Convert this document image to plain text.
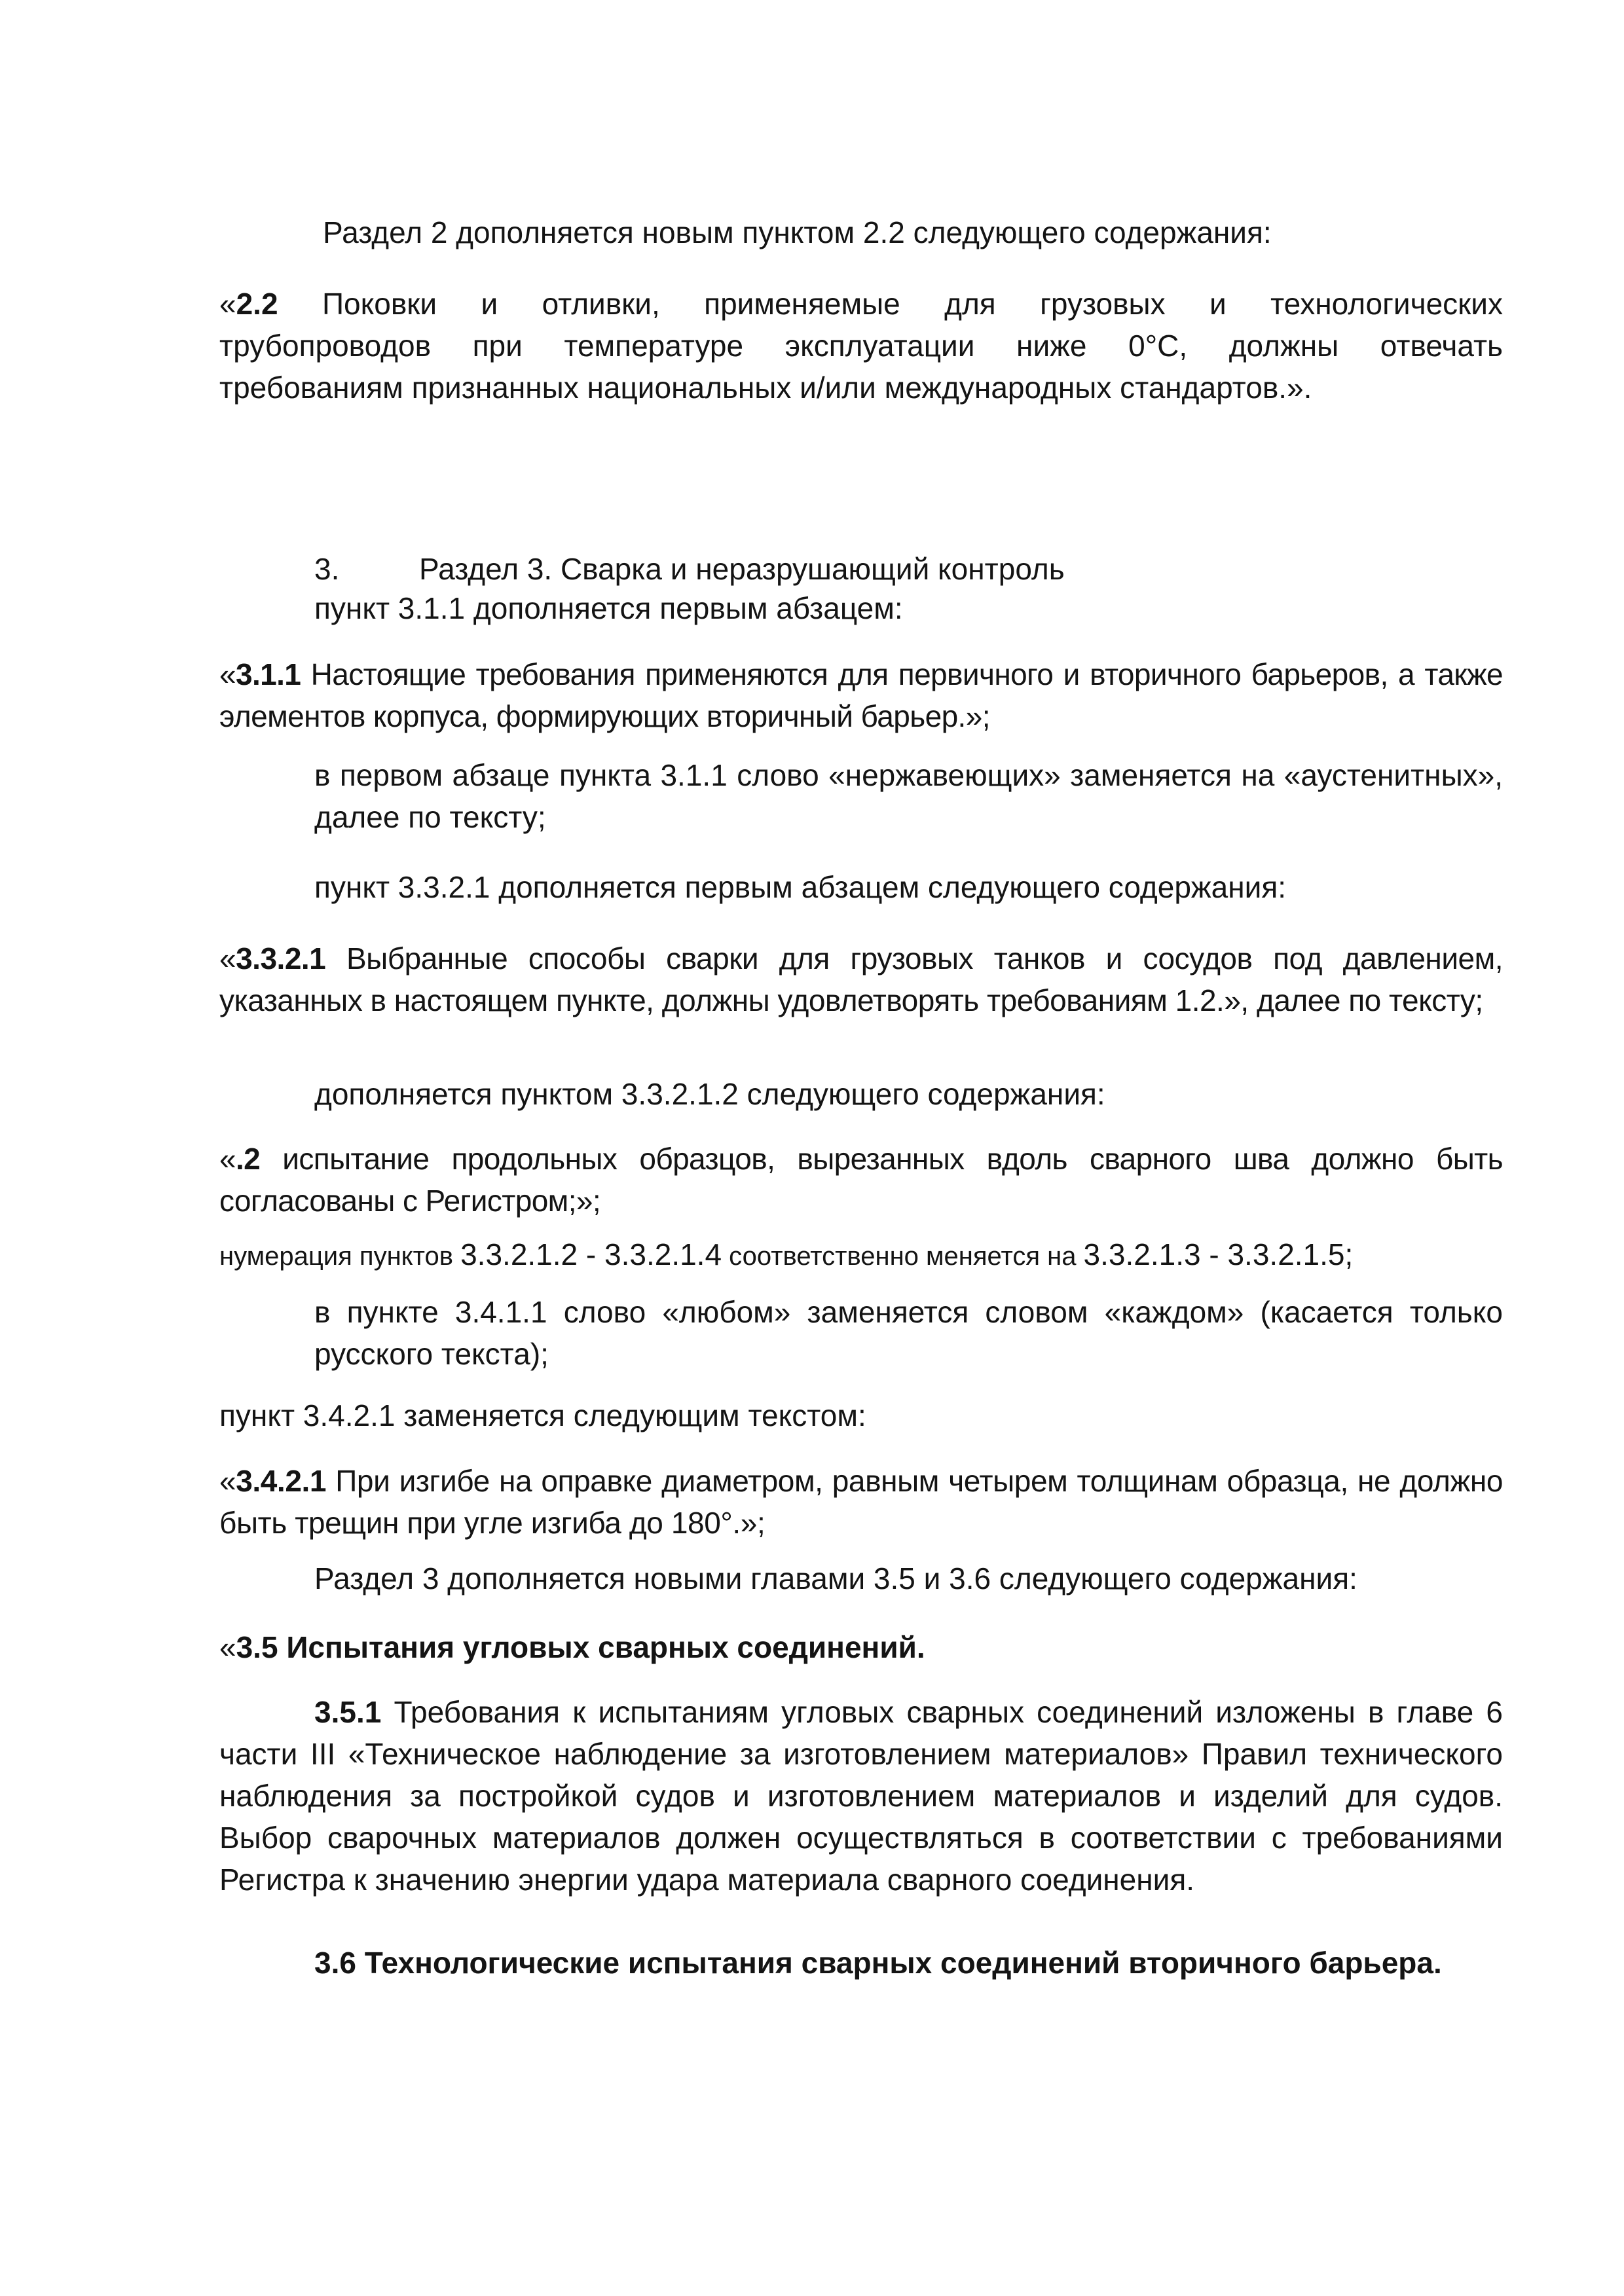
Раздел 2 дополняется новым пунктом 2.2 следующего содержания:

«2.2 Поковки и отливки, применяемые для грузовых и технологических
трубопроводов при температуре эксплуатации ниже 0°C, должны отвечать
требованиям признанных национальных и/или международных стандартов.».

3.	Раздел 3. Сварка и неразрушающий контроль

пункт 3.1.1 дополняется первым абзацем:

«3.1.1 Настоящие требования применяются для первичного и вторичного барьеров, а также элементов корпуса, формирующих вторичный барьер.»;

в первом абзаце пункта 3.1.1 слово «нержавеющих» заменяется на «аустенитных», далее по тексту;

пункт 3.3.2.1 дополняется первым абзацем следующего содержания:

«3.3.2.1 Выбранные способы сварки для грузовых танков и сосудов под давлением, указанных в настоящем пункте, должны удовлетворять требованиям 1.2.», далее по тексту;

дополняется пунктом 3.3.2.1.2 следующего содержания:

«.2 испытание продольных образцов, вырезанных вдоль сварного шва должно быть согласованы с Регистром;»;

нумерация пунктов 3.3.2.1.2 - 3.3.2.1.4 соответственно меняется на 3.3.2.1.3 - 3.3.2.1.5;

в пункте 3.4.1.1 слово «любом» заменяется словом «каждом» (касается только русского текста);

пункт 3.4.2.1 заменяется следующим текстом:

«3.4.2.1 При изгибе на оправке диаметром, равным четырем толщинам образца, не должно быть трещин при угле изгиба до 180°.»;

Раздел 3 дополняется новыми главами 3.5 и 3.6 следующего содержания:

«3.5 Испытания угловых сварных соединений.

3.5.1 Требования к испытаниям угловых сварных соединений изложены в главе 6 части III «Техническое наблюдение за изготовлением материалов» Правил технического наблюдения за постройкой судов и изготовлением материалов и изделий для судов. Выбор сварочных материалов должен осуществляться в соответствии с требованиями Регистра к значению энергии удара материала сварного соединения.

3.6 Технологические испытания сварных соединений вторичного барьера.
